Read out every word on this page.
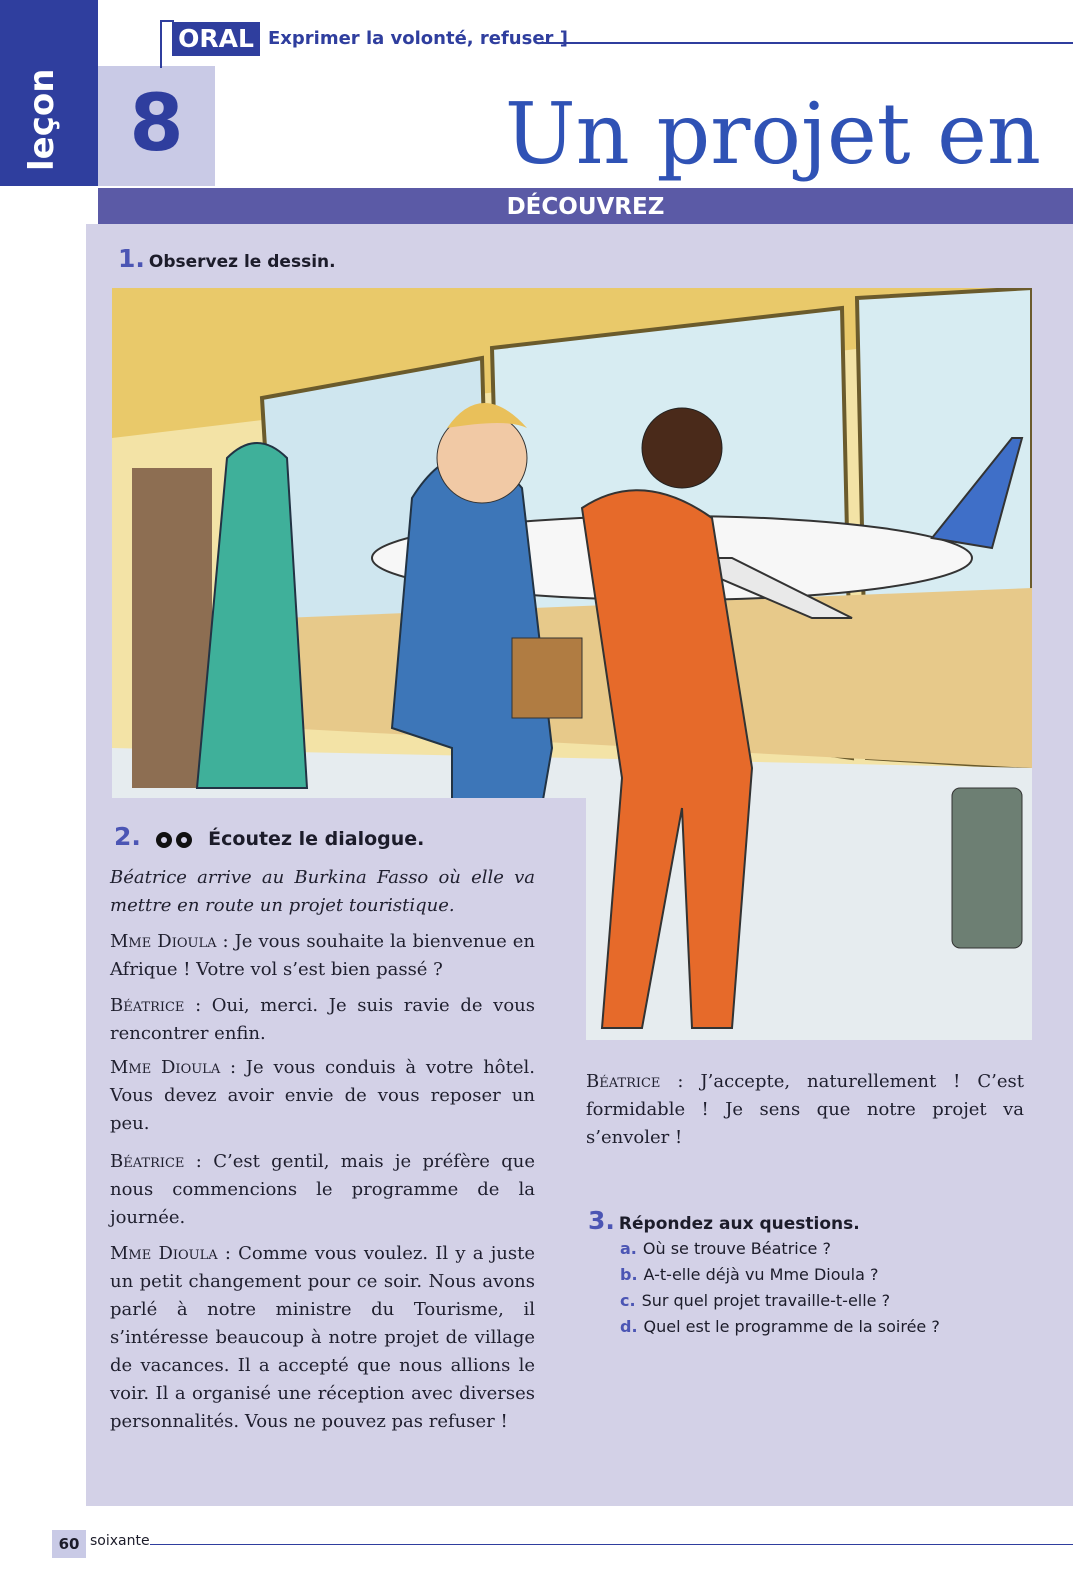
leçon 8
ORAL Exprimer la volonté, refuser ]
Un projet en
DÉCOUVREZ
1. Observez le dessin.
2.	Écoutez le dialogue.
Béatrice arrive au Burkina Fasso où elle va mettre en route un projet touristique.
Mme Dioula : Je vous souhaite la bienvenue en Afrique ! Votre vol s’est bien passé ?
Béatrice : Oui, merci. Je suis ravie de vous rencontrer enfin.
Mme Dioula : Je vous conduis à votre hôtel. Vous devez avoir envie de vous reposer un peu.
Béatrice : C’est gentil, mais je préfère que nous commencions le programme de la journée.
Mme Dioula : Comme vous voulez. Il y a juste un petit changement pour ce soir. Nous avons parlé à notre ministre du Tourisme, il s’intéresse beaucoup à notre projet de village de vacances. Il a accepté que nous allions le voir. Il a organisé une réception avec diverses personnalités. Vous ne pouvez pas refuser !
Béatrice : J’accepte, naturellement ! C’est formidable ! Je sens que notre projet va s’envoler !
3. Répondez aux questions.
a. Où se trouve Béatrice ?
b. A-t-elle déjà vu Mme Dioula ?
c. Sur quel projet travaille-t-elle ?
d. Quel est le programme de la soirée ?
60 soixante
